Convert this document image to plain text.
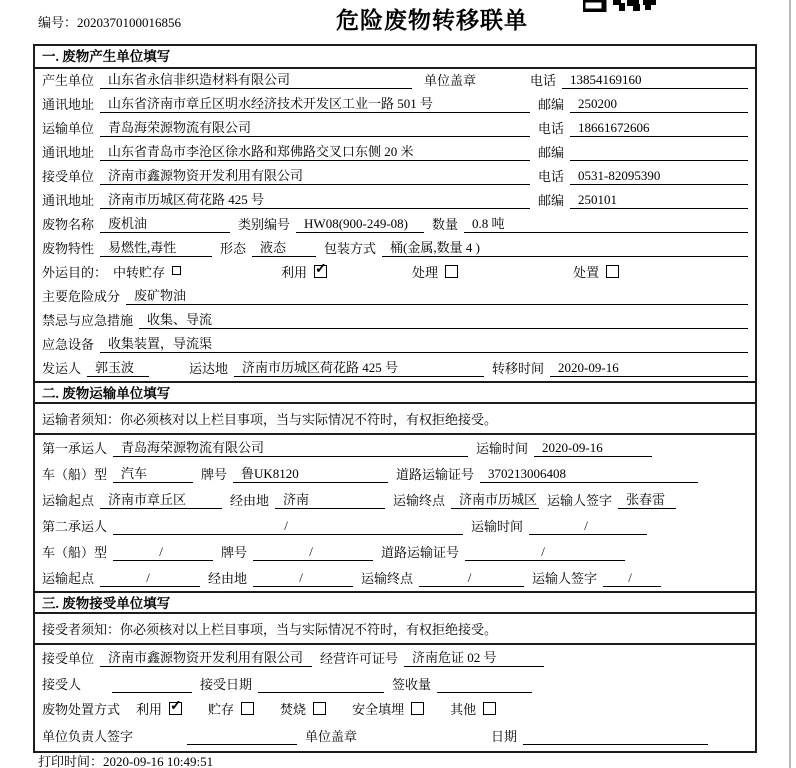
编号：2020370100016856	危险废物转移联单
一. 废物产生单位填写
产生单位	山东省永信非织造材料有限公司	单位盖章	电话	13854169160
通讯地址	山东省济南市章丘区明水经济技术开发区工业一路 501 号	邮编	250200
运输单位	青岛海荣源物流有限公司	电话	18661672606
通讯地址	山东省青岛市李沧区徐水路和郑佛路交叉口东侧 20 米	邮编
接受单位	济南市鑫源物资开发利用有限公司	电话	0531-82095390
通讯地址	济南市历城区荷花路 425 号	邮编	250101
废物名称	废机油	类别编号	HW08(900-249-08)	数量	0.8 吨
废物特性	易燃性,毒性	形态	液态	包装方式	桶(金属,数量 4 )
外运目的： 中转贮存	利用 ✓	处理	处置
主要危险成分	废矿物油
禁忌与应急措施	收集、导流
应急设备	收集装置，导流渠
发运人	郭玉波	运达地	济南市历城区荷花路 425 号	转移时间	2020-09-16
二. 废物运输单位填写
运输者须知：你必须核对以上栏目事项，当与实际情况不符时，有权拒绝接受。
第一承运人	青岛海荣源物流有限公司	运输时间	2020-09-16
车（船）型	汽车	牌号	鲁UK8120	道路运输证号	370213006408
运输起点	济南市章丘区	经由地	济南	运输终点	济南市历城区 运输人签字	张春雷
第二承运人	/	运输时间	/
车（船）型	/	牌号	/	道路运输证号	/
运输起点	/	经由地	/	运输终点	/	运输人签字	/
三. 废物接受单位填写
接受者须知：你必须核对以上栏目事项，当与实际情况不符时，有权拒绝接受。
接受单位	济南市鑫源物资开发利用有限公司	经营许可证号	济南危证 02 号
接受人	接受日期	签收量
废物处置方式 利用 ✓	贮存	焚烧	安全填埋	其他
单位负责人签字	单位盖章	日期
打印时间：2020-09-16 10:49:51
